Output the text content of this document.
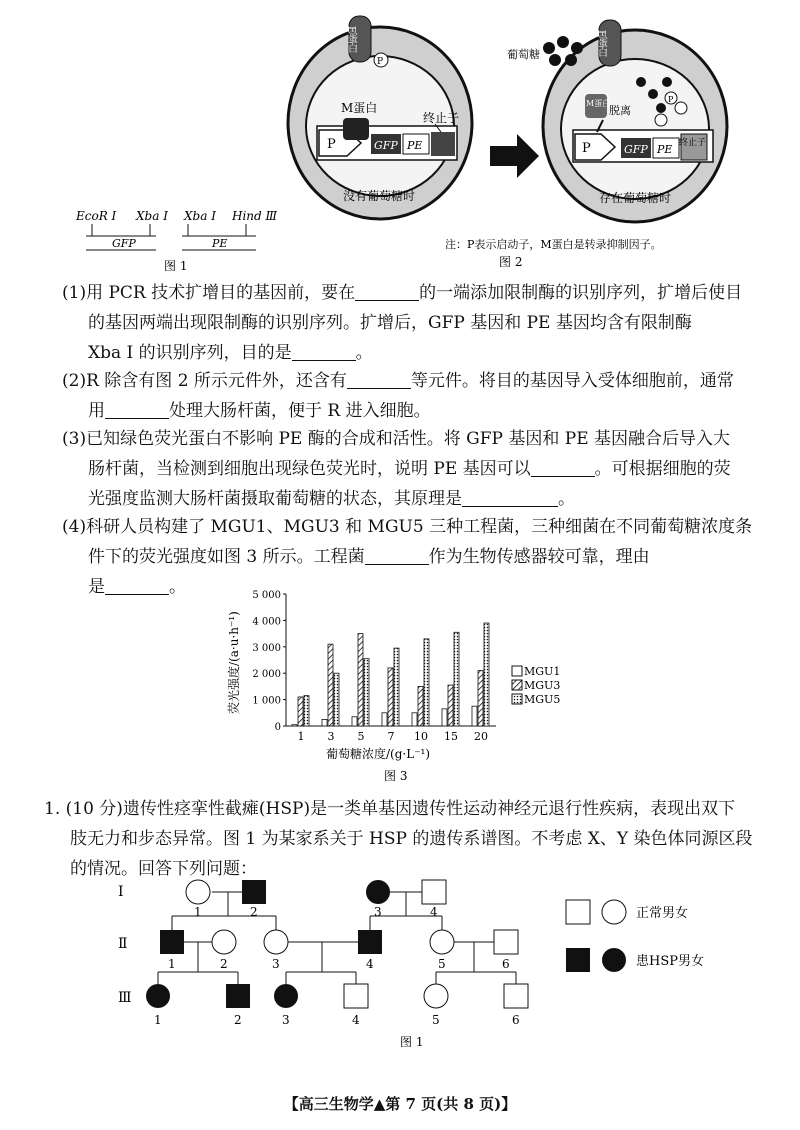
P	GFP PE
M蛋白
终止子
E蛋白
P
没有葡萄糖时
P	GFP PE 终止子
M蛋白
脱离
葡萄糖	E蛋白
P
存在葡萄糖时
注：P表示启动子，M蛋白是转录抑制因子。
图 2
EcoR Ⅰ Xba Ⅰ Xba Ⅰ Hind Ⅲ
GFP	PE
图 1
(1)用 PCR 技术扩增目的基因前，要在	的一端添加限制酶的识别序列，扩增后使目
的基因两端出现限制酶的识别序列。扩增后，GFP 基因和 PE 基因均含有限制酶
Xba Ⅰ 的识别序列，目的是	。
(2)R 除含有图 2 所示元件外，还含有	等元件。将目的基因导入受体细胞前，通常
用	处理大肠杆菌，便于 R 进入细胞。
(3)已知绿色荧光蛋白不影响 PE 酶的合成和活性。将 GFP 基因和 PE 基因融合后导入大
肠杆菌，当检测到细胞出现绿色荧光时，说明 PE 基因可以	。可根据细胞的荧
光强度监测大肠杆菌摄取葡萄糖的状态，其原理是	。
(4)科研人员构建了 MGU1、MGU3 和 MGU5 三种工程菌，三种细菌在不同葡萄糖浓度条
件下的荧光强度如图 3 所示。工程菌	作为生物传感器较可靠，理由
是	。
0
1 000
2 000
3 000
4 000
5 000
1 3 5 7 10 15 20
荧光强度/(a·u·h⁻¹)
葡萄糖浓度/(g·L⁻¹)
MGU1
MGU3
MGU5
图 3
1. (10 分)遗传性痉挛性截瘫(HSP)是一类单基因遗传性运动神经元退行性疾病，表现出双下
肢无力和步态异常。图 1 为某家系关于 HSP 的遗传系谱图。不考虑 X、Y 染色体同源区段
的情况。回答下列问题：
Ⅰ
Ⅱ
Ⅲ
1	2	3	4
1	2	3	4	5	6
1	2	3	4	5	6
图 1
正常男女
患HSP男女
【高三生物学▲第 7 页(共 8 页)】
